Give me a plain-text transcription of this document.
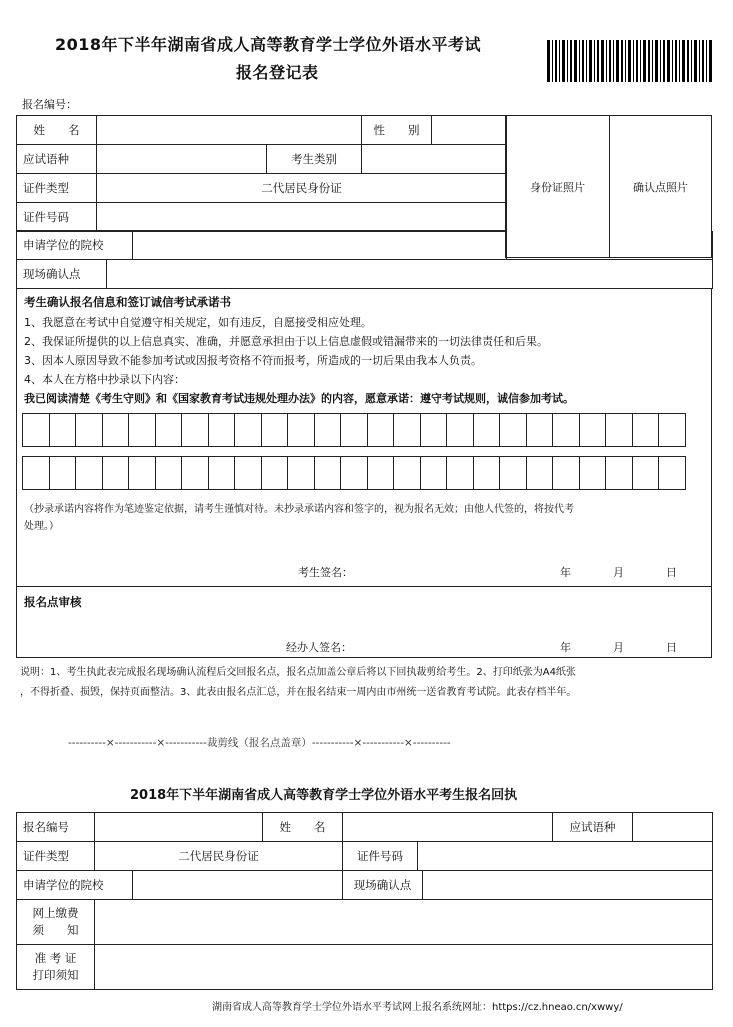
2018年下半年湖南省成人高等教育学士学位外语水平考试
报名登记表
报名编号：
姓　　名			性　　别	
应试语种		考生类别		
证件类型	二代居民身份证			
证件号码				
身份证照片	确认点照片
申请学位的院校		
现场确认点	
考生确认报名信息和签订诚信考试承诺书
1、我愿意在考试中自觉遵守相关规定，如有违反，自愿接受相应处理。
2、我保证所提供的以上信息真实、准确，并愿意承担由于以上信息虚假或错漏带来的一切法律责任和后果。
3、因本人原因导致不能参加考试或因报考资格不符而报考，所造成的一切后果由我本人负责。
4、本人在方格中抄录以下内容：
我已阅读清楚《考生守则》和《国家教育考试违规处理办法》的内容，愿意承诺：遵守考试规则，诚信参加考试。
（抄录承诺内容将作为笔迹鉴定依据，请考生谨慎对待。未抄录承诺内容和签字的，视为报名无效；由他人代签的，将按代考
处理。）
考生签名：	年	月	日
报名点审核
经办人签名：	年	月	日
说明：1、考生执此表完成报名现场确认流程后交回报名点，报名点加盖公章后将以下回执裁剪给考生。2、打印纸张为A4纸张
，不得折叠、损毁，保持页面整洁。3、此表由报名点汇总，并在报名结束一周内由市州统一送省教育考试院。此表存档半年。
----------×-----------×-----------裁剪线（报名点盖章）-----------×-----------×----------
2018年下半年湖南省成人高等教育学士学位外语水平考生报名回执
报名编号		姓　　名		应试语种	
证件类型	二代居民身份证	证件号码	
申请学位的院校		现场确认点	
网上缴费
须　　知	

准 考 证
打印须知	

湖南省成人高等教育学士学位外语水平考试网上报名系统网址：https://cz.hneao.cn/xwwy/
